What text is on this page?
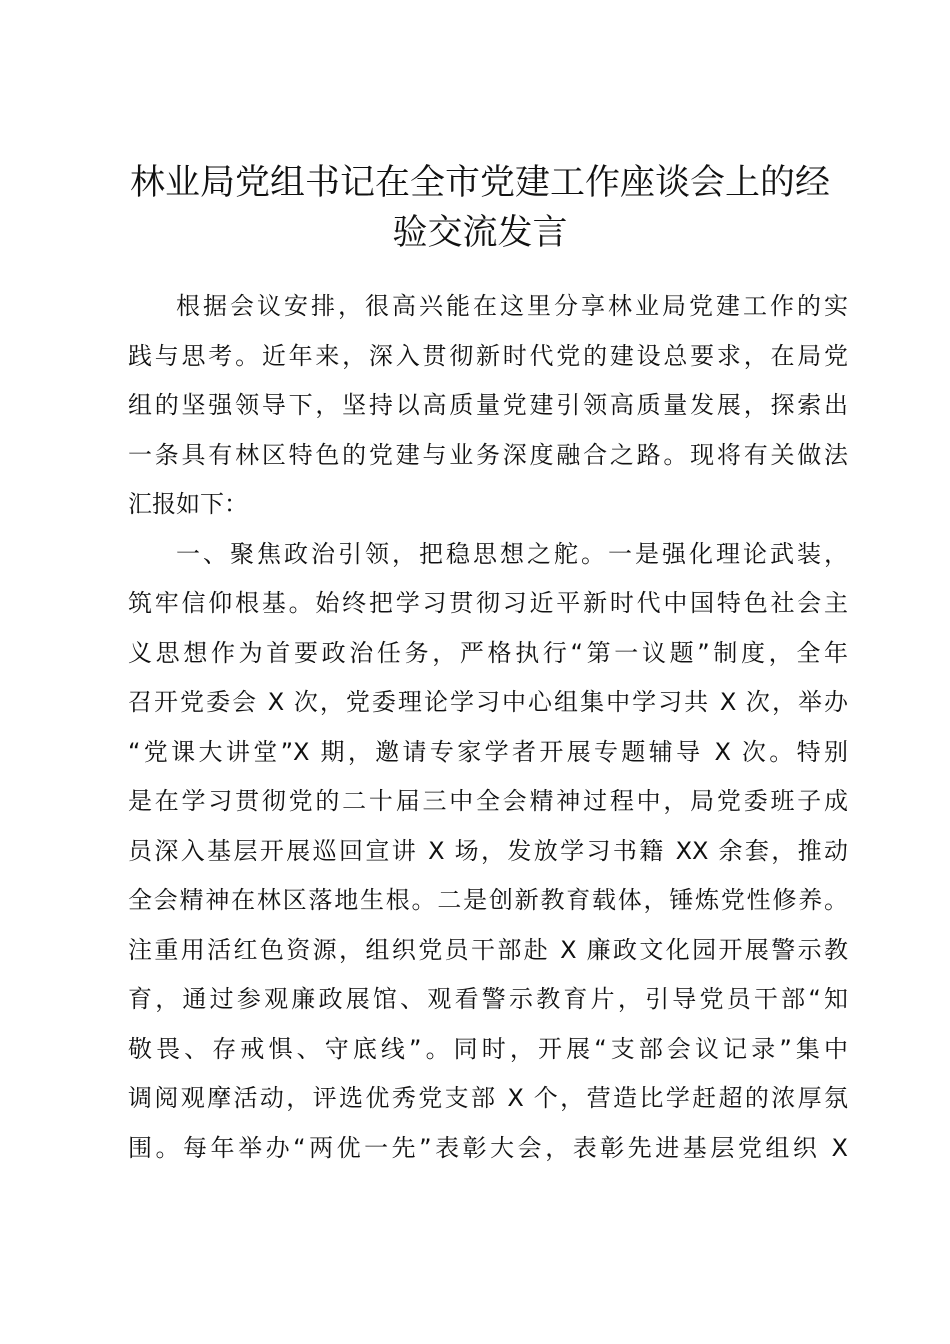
林业局党组书记在全市党建工作座谈会上的经
验交流发言
根据会议安排，很高兴能在这里分享林业局党建工作的实
践与思考。近年来，深入贯彻新时代党的建设总要求，在局党
组的坚强领导下，坚持以高质量党建引领高质量发展，探索出
一条具有林区特色的党建与业务深度融合之路。现将有关做法
汇报如下：
一、聚焦政治引领，把稳思想之舵。一是强化理论武装，
筑牢信仰根基。始终把学习贯彻习近平新时代中国特色社会主
义思想作为首要政治任务，严格执行“第一议题”制度，全年
召开党委会 X 次，党委理论学习中心组集中学习共 X 次，举办
“党课大讲堂”X 期，邀请专家学者开展专题辅导 X 次。特别
是在学习贯彻党的二十届三中全会精神过程中，局党委班子成
员深入基层开展巡回宣讲 X 场，发放学习书籍 XX 余套，推动
全会精神在林区落地生根。二是创新教育载体，锤炼党性修养。
注重用活红色资源，组织党员干部赴 X 廉政文化园开展警示教
育，通过参观廉政展馆、观看警示教育片，引导党员干部“知
敬畏、存戒惧、守底线”。同时，开展“支部会议记录”集中
调阅观摩活动，评选优秀党支部 X 个，营造比学赶超的浓厚氛
围。每年举办“两优一先”表彰大会，表彰先进基层党组织 X
